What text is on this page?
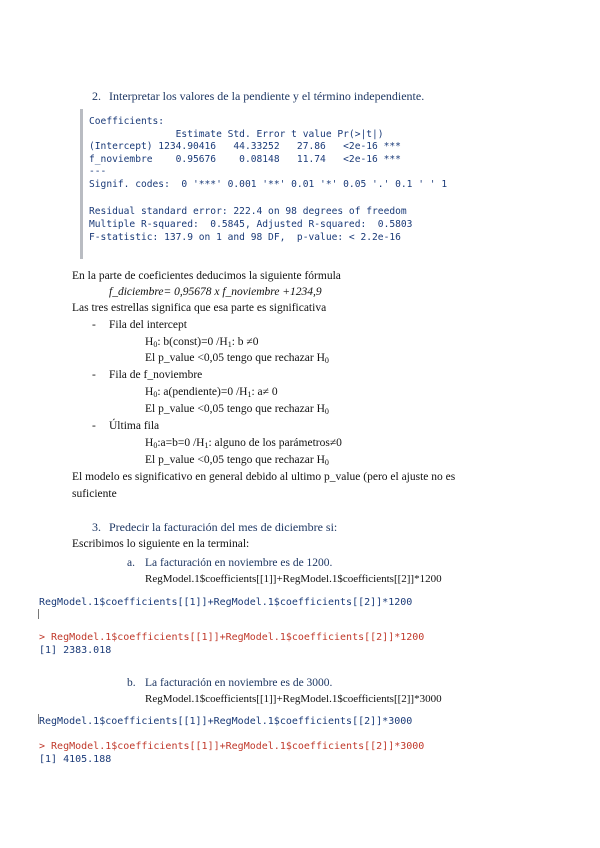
2. Interpretar los valores de la pendiente y el término independiente.
Coefficients:
Estimate Std. Error t value Pr(>|t|)
(Intercept) 1234.90416   44.33252   27.86   <2e-16 ***
f_noviembre    0.95676    0.08148   11.74   <2e-16 ***
---
Signif. codes:  0 '***' 0.001 '**' 0.01 '*' 0.05 '.' 0.1 ' ' 1
Residual standard error: 222.4 on 98 degrees of freedom
Multiple R-squared:  0.5845, Adjusted R-squared:  0.5803
F-statistic: 137.9 on 1 and 98 DF,  p-value: < 2.2e-16
En la parte de coeficientes deducimos la siguiente fórmula
f_diciembre= 0,95678 x f_noviembre +1234,9
Las tres estrellas significa que esa parte es significativa
- Fila del intercept
$H_0$: b(const)=0 $/H_1$: b ≠0
El p_value <0,05 tengo que rechazar $H_0$
- Fila de f_noviembre
$H_0$: a(pendiente)=0 $/H_1$: a≠ 0
El p_value <0,05 tengo que rechazar $H_0$
- Última fila
$H_0:a=b=0$ $/H_1$: alguno de los parámetros≠0
El p_value <0,05 tengo que rechazar $H_0$
El modelo es significativo en general debido al ultimo p_value (pero el ajuste no es
suficiente
3. Predecir la facturación del mes de diciembre si:
Escribimos lo siguiente en la terminal:
a. La facturación en noviembre es de 1200.
RegModel.1$coefficients[[1]]+RegModel.1$coefficients[[2]]*1200
RegModel.1$coefficients[[1]]+RegModel.1$coefficients[[2]]*1200
> RegModel.1$coefficients[[1]]+RegModel.1$coefficients[[2]]*1200
[1] 2383.018
b. La facturación en noviembre es de 3000.
RegModel.1$coefficients[[1]]+RegModel.1$coefficients[[2]]*3000
RegModel.1$coefficients[[1]]+RegModel.1$coefficients[[2]]*3000
> RegModel.1$coefficients[[1]]+RegModel.1$coefficients[[2]]*3000
[1] 4105.188
